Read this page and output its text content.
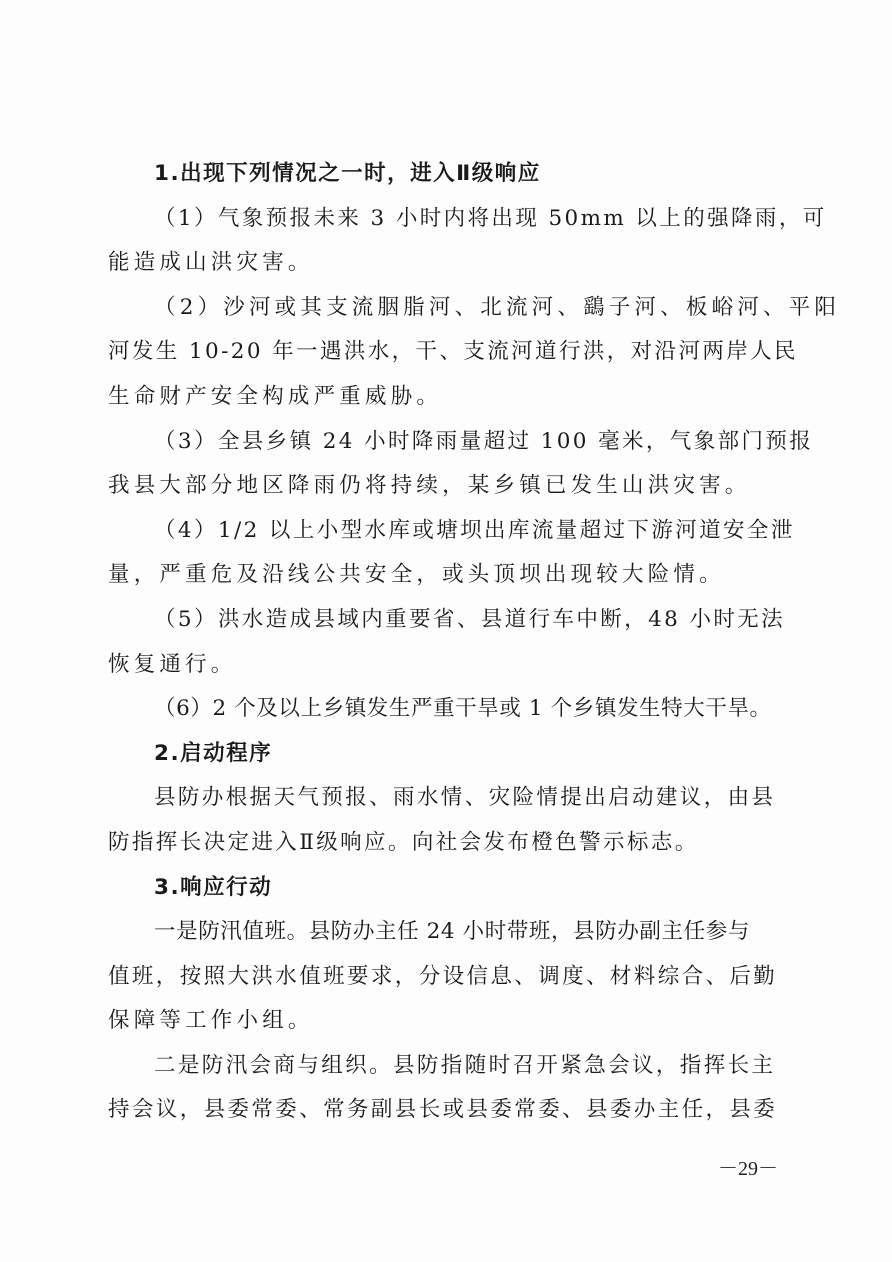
1.出现下列情况之一时，进入Ⅱ级响应
（1）气象预报未来 3 小时内将出现 50mm 以上的强降雨，可
能造成山洪灾害。
（2）沙河或其支流胭脂河、北流河、鷂子河、板峪河、平阳
河发生 10-20 年一遇洪水，干、支流河道行洪，对沿河两岸人民
生命财产安全构成严重威胁。
（3）全县乡镇 24 小时降雨量超过 100 毫米，气象部门预报
我县大部分地区降雨仍将持续，某乡镇已发生山洪灾害。
（4）1/2 以上小型水库或塘坝出库流量超过下游河道安全泄
量，严重危及沿线公共安全，或头顶坝出现较大险情。
（5）洪水造成县域内重要省、县道行车中断，48 小时无法
恢复通行。
（6）2 个及以上乡镇发生严重干旱或 1 个乡镇发生特大干旱。
2.启动程序
县防办根据天气预报、雨水情、灾险情提出启动建议，由县
防指挥长决定进入Ⅱ级响应。向社会发布橙色警示标志。
3.响应行动
一是防汛值班。县防办主任 24 小时带班，县防办副主任参与
值班，按照大洪水值班要求，分设信息、调度、材料综合、后勤
保障等工作小组。
二是防汛会商与组织。县防指随时召开紧急会议，指挥长主
持会议，县委常委、常务副县长或县委常委、县委办主任，县委
－29－
